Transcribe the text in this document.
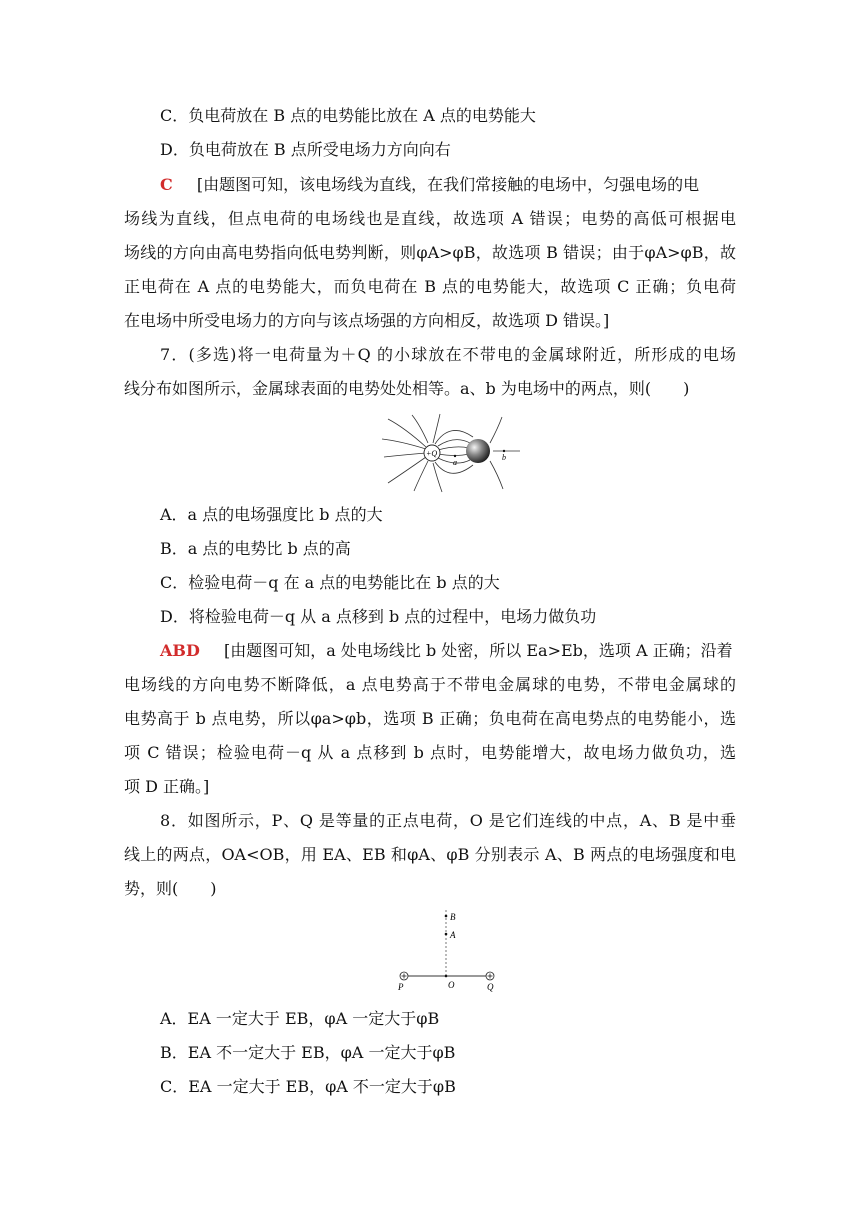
C．负电荷放在 B 点的电势能比放在 A 点的电势能大
D．负电荷放在 B 点所受电场力方向向右
C [由题图可知，该电场线为直线，在我们常接触的电场中，匀强电场的电
场线为直线，但点电荷的电场线也是直线，故选项 A 错误；电势的高低可根据电
场线的方向由高电势指向低电势判断，则φA>φB，故选项 B 错误；由于φA>φB，故
正电荷在 A 点的电势能大，而负电荷在 B 点的电势能大，故选项 C 正确；负电荷
在电场中所受电场力的方向与该点场强的方向相反，故选项 D 错误。]
7．(多选)将一电荷量为＋Q 的小球放在不带电的金属球附近，所形成的电场
线分布如图所示，金属球表面的电势处处相等。a、b 为电场中的两点，则(　　)
+Q
a
b
A．a 点的电场强度比 b 点的大
B．a 点的电势比 b 点的高
C．检验电荷－q 在 a 点的电势能比在 b 点的大
D．将检验电荷－q 从 a 点移到 b 点的过程中，电场力做负功
ABD [由题图可知，a 处电场线比 b 处密，所以 Ea>Eb，选项 A 正确；沿着
电场线的方向电势不断降低，a 点电势高于不带电金属球的电势，不带电金属球的
电势高于 b 点电势，所以φa>φb，选项 B 正确；负电荷在高电势点的电势能小，选
项 C 错误；检验电荷－q 从 a 点移到 b 点时，电势能增大，故电场力做负功，选
项 D 正确。]
8．如图所示，P、Q 是等量的正点电荷，O 是它们连线的中点，A、B 是中垂
线上的两点，OA<OB，用 EA、EB 和φA、φB 分别表示 A、B 两点的电场强度和电
势，则(　　)
P	Q
O
A
B
A．EA 一定大于 EB，φA 一定大于φB
B．EA 不一定大于 EB，φA 一定大于φB
C．EA 一定大于 EB，φA 不一定大于φB
